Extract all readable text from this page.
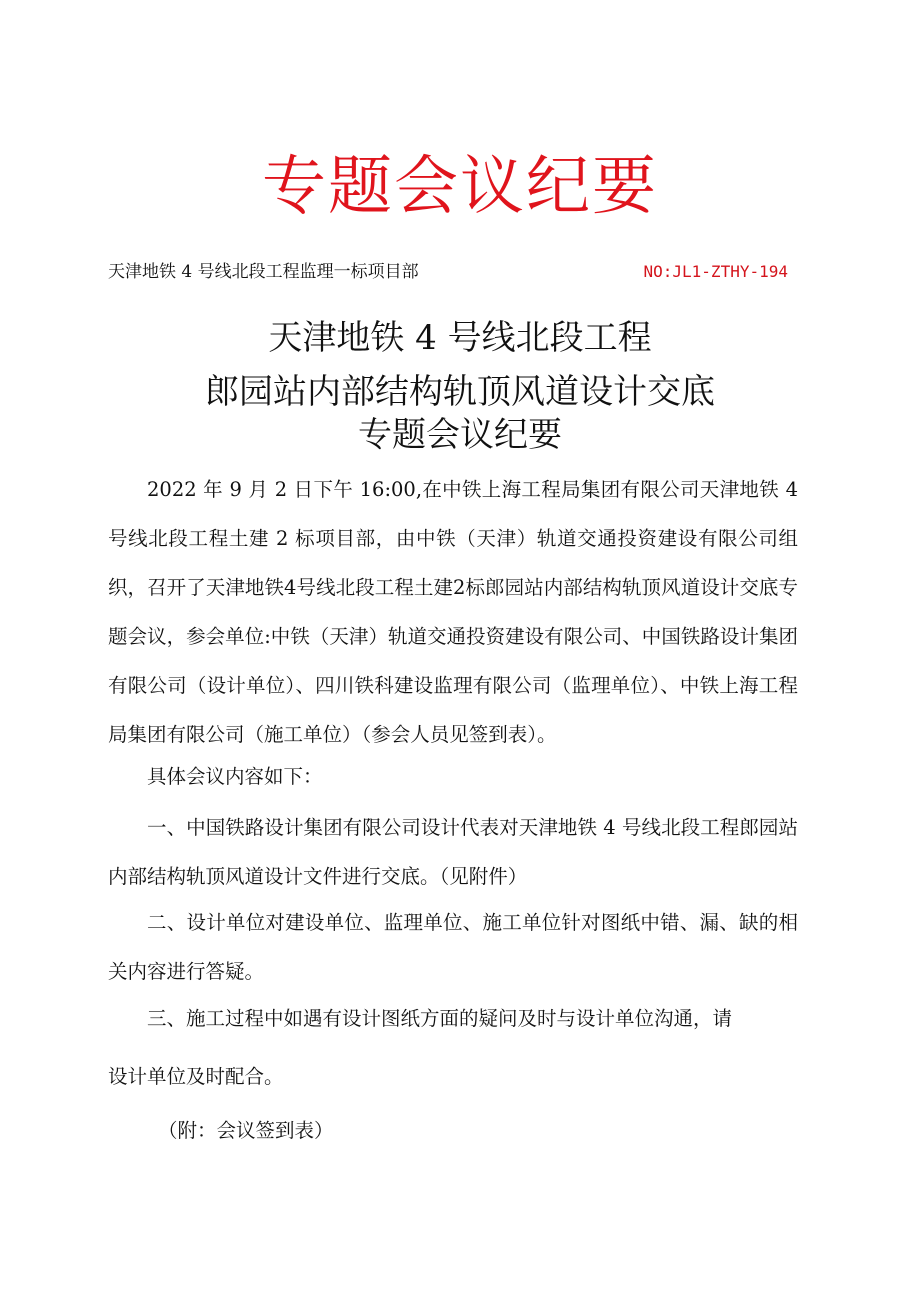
专题会议纪要
天津地铁 4 号线北段工程监理一标项目部	NO:JL1-ZTHY-194
天津地铁 4 号线北段工程
郎园站内部结构轨顶风道设计交底
专题会议纪要

2022 年 9 月 2 日下午 16:00,在中铁上海工程局集团有限公司天津地铁 4 号线北段工程土建 2 标项目部，由中铁（天津）轨道交通投资建设有限公司组织，召开了天津地铁4号线北段工程土建2标郎园站内部结构轨顶风道设计交底专题会议，参会单位:中铁（天津）轨道交通投资建设有限公司、中国铁路设计集团有限公司（设计单位）、四川铁科建设监理有限公司（监理单位）、中铁上海工程局集团有限公司（施工单位）（参会人员见签到表）。

具体会议内容如下：

一、中国铁路设计集团有限公司设计代表对天津地铁 4 号线北段工程郎园站内部结构轨顶风道设计文件进行交底。（见附件）

二、设计单位对建设单位、监理单位、施工单位针对图纸中错、漏、缺的相关内容进行答疑。

三、施工过程中如遇有设计图纸方面的疑问及时与设计单位沟通，请
设计单位及时配合。
（附：会议签到表）
